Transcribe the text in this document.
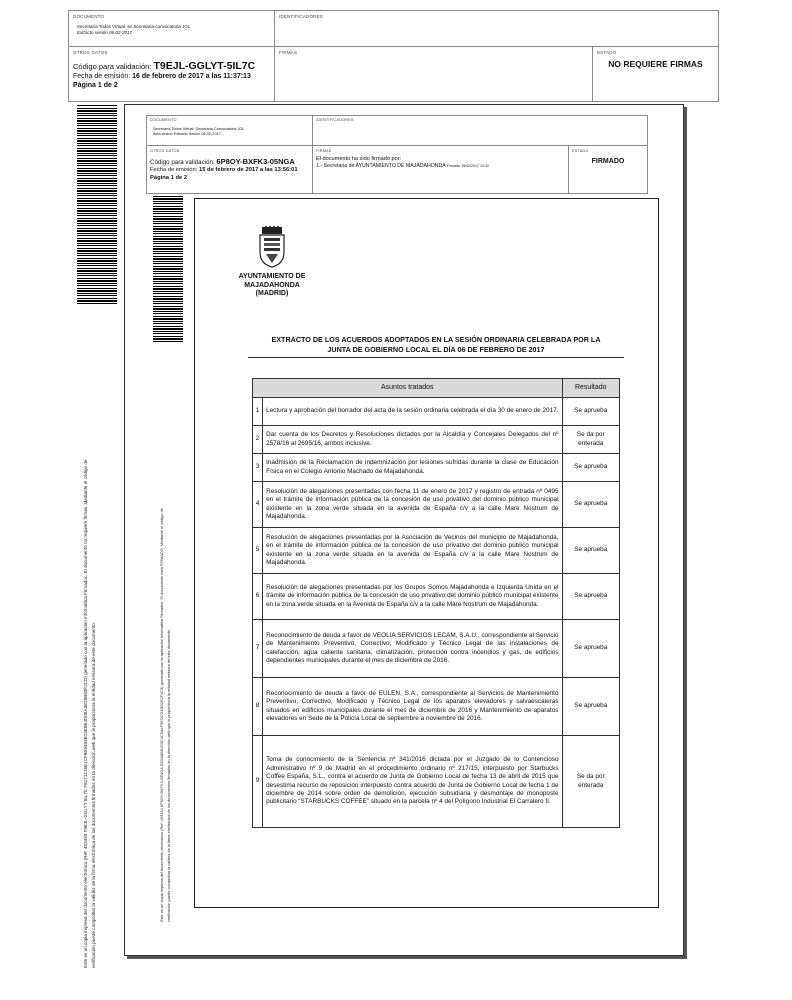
DOCUMENTO
Secretaría Todos Virtual: 6c.Secretaria-convocatoria JGL
Extracto sesión 06-02-2017
IDENTIFICADORES
OTROS DATOS
Código para validación: T9EJL-GGLYT-5IL7C
Fecha de emisión: 16 de febrero de 2017 a las 11:37:13
Página 1 de 2
FIRMAS	ESTADO
NO REQUIERE FIRMAS
Este es un copia impresa del documento electrónico (Ref: 403493 T9EJL-GGLYT-5IL7C F8171216E1CF9E9493B23EB64D08A3E25B83F2CD) generado con la aplicación informática Firmadoc. El documento no requiere firmas. Mediante el código de verificación puede comprobar la validez de la firma electrónica de los documentos firmados en la dirección web que le proporciona la entidad emisora de este documento.
DOCUMENTO
Secretaría Todos Virtual: Secretaria-Convocatoria JGL
Acta sesión Extracto Sesión 06-02-2017
IDENTIFICADORES
OTROS DATOS
Código para validación: 6P8OY-BXFK3-05NGA
Fecha de emisión: 15 de febrero de 2017 a las 13:56:01
Página 1 de 2
FIRMAS
El documento ha sido firmado por:
1.- Secretaria de AYUNTAMIENTO DE MAJADAHONDA Firmado 15/02/2017 13:32
ESTADO
FIRMADO
Este es un copia impresa del documento electrónico (Ref: 403134 6P8OY-BXFK3-05NGA D3DA8B84D3C4C5A4F9EDCD1BD1E2F4C3) generado con la aplicación informática Firmadoc. El documento está FIRMADO. Mediante el código de verificación puede comprobar la validez de la firma electrónica de los documentos firmados en la dirección web que le proporciona la entidad emisora de este documento.
AYUNTAMIENTO DE
MAJADAHONDA
(MADRID)
EXTRACTO DE LOS ACUERDOS ADOPTADOS EN LA SESIÓN ORDINARIA CELEBRADA POR LA
JUNTA DE GOBIERNO LOCAL EL DÍA 06 DE FEBRERO DE 2017
Asuntos tratados		Resultado
1	Lectura y aprobación del borrador del acta de la sesión ordinaria celebrada el día 30 de enero de 2017.	Se aprueba
2	Dar cuenta de los Decretos y Resoluciones dictados por la Alcaldía y Concejales Delegados del nº 2578/16 al 2695/16, ambos inclusive.	Se da por enterada
3	Inadmisión de la Reclamación de indemnización por lesiones sufridas durante la clase de Educación Física en el Colegio Antonio Machado de Majadahonda.	Se aprueba
4	Resolución de alegaciones presentadas con fecha 11 de enero de 2017 y registro de entrada nº 0495 en el trámite de información pública de la concesión de uso privativo del dominio público municipal existente en la zona verde situada en la avenida de España c/v a la calle Mare Nostrum de Majadahonda.	Se aprueba
5	Resolución de alegaciones presentadas por la Asociación de Vecinos del municipio de Majadahonda, en el trámite de información pública de la concesión de uso privativo del dominio público municipal existente en la zona verde situada en la avenida de España c/v a la calle Mare Nostrum de Majadahonda.	Se aprueba
6	Resolución de alegaciones presentadas por los Grupos Somos Majadahonda e Izquierda Unida en el trámite de información pública de la concesión de uso privativo del dominio público municipal existente en la zona verde situada en la Avenida de España c/v a la calle Mare Nostrum de Majadahonda.	Se aprueba
7	Reconocimiento de deuda a favor de VEOLIA SERVICIOS LECAM, S.A.U., correspondiente al Servicio de Mantenimiento Preventivo, Correctivo, Modificado y Técnico Legal de las instalaciones de calefacción, agua caliente sanitaria, climatización, protección contra incendios y gas, de edificios dependientes municipales durante el mes de diciembre de 2016.	Se aprueba
8	Reconocimiento de deuda a favor de EULEN, S.A., correspondiente al Servicios de Mantenimiento Preventivo, Correctivo, Modificado y Técnico Legal de los aparatos elevadores y salvaescaleras situados en edificios municipales durante el mes de diciembre de 2016 y Mantenimiento de aparatos elevadores en Sede de la Policía Local de septiembre a noviembre de 2016.	Se aprueba
9	Toma de conocimiento de la Sentencia nº 341/2016 dictada por el Juzgado de lo Contencioso Administrativo nº 9 de Madrid en el procedimiento ordinario nº 217/15, interpuesto por Starbucks Coffee España, S.L., contra el acuerdo de Junta de Gobierno Local de fecha 13 de abril de 2015 que desestima recurso de reposición interpuesto contra acuerdo de Junta de Gobierno Local de fecha 1 de diciembre de 2014 sobre orden de demolición, ejecución subsidiaria y desmontaje de monoposte publicitario “STARBUCKS COFFEE” situado en la parcela nº 4 del Polígono Industrial El Carralero II.	Se da por enterada
